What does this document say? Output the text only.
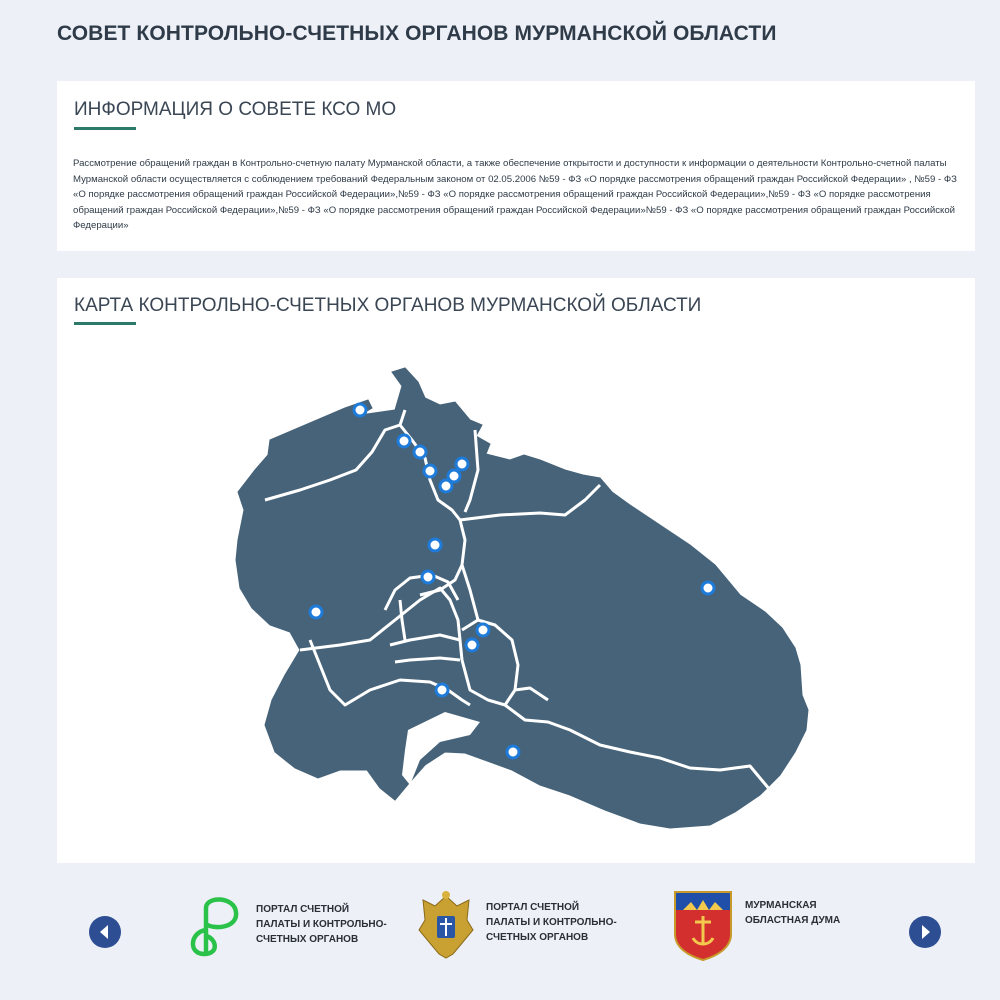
СОВЕТ КОНТРОЛЬНО-СЧЕТНЫХ ОРГАНОВ МУРМАНСКОЙ ОБЛАСТИ
ИНФОРМАЦИЯ О СОВЕТЕ КСО МО

Рассмотрение обращений граждан в Контрольно-счетную палату Мурманской области, а также обеспечение открытости и доступности к информации о деятельности Контрольно-счетной палаты Мурманской области осуществляется с соблюдением требований Федеральным законом от 02.05.2006 №59 - ФЗ «О порядке рассмотрения обращений граждан Российской Федерации» , №59 - ФЗ «О порядке рассмотрения обращений граждан Российской Федерации»,№59 - ФЗ «О порядке рассмотрения обращений граждан Российской Федерации»,№59 - ФЗ «О порядке рассмотрения обращений граждан Российской Федерации»,№59 - ФЗ «О порядке рассмотрения обращений граждан Российской Федерации»№59 - ФЗ «О порядке рассмотрения обращений граждан Российской Федерации»

КАРТА КОНТРОЛЬНО-СЧЕТНЫХ ОРГАНОВ МУРМАНСКОЙ ОБЛАСТИ
ПОРТАЛ СЧЕТНОЙ ПАЛАТЫ И КОНТРОЛЬНО-СЧЕТНЫХ ОРГАНОВ
ПОРТАЛ СЧЕТНОЙ ПАЛАТЫ И КОНТРОЛЬНО-СЧЕТНЫХ ОРГАНОВ
МУРМАНСКАЯ ОБЛАСТНАЯ ДУМА
